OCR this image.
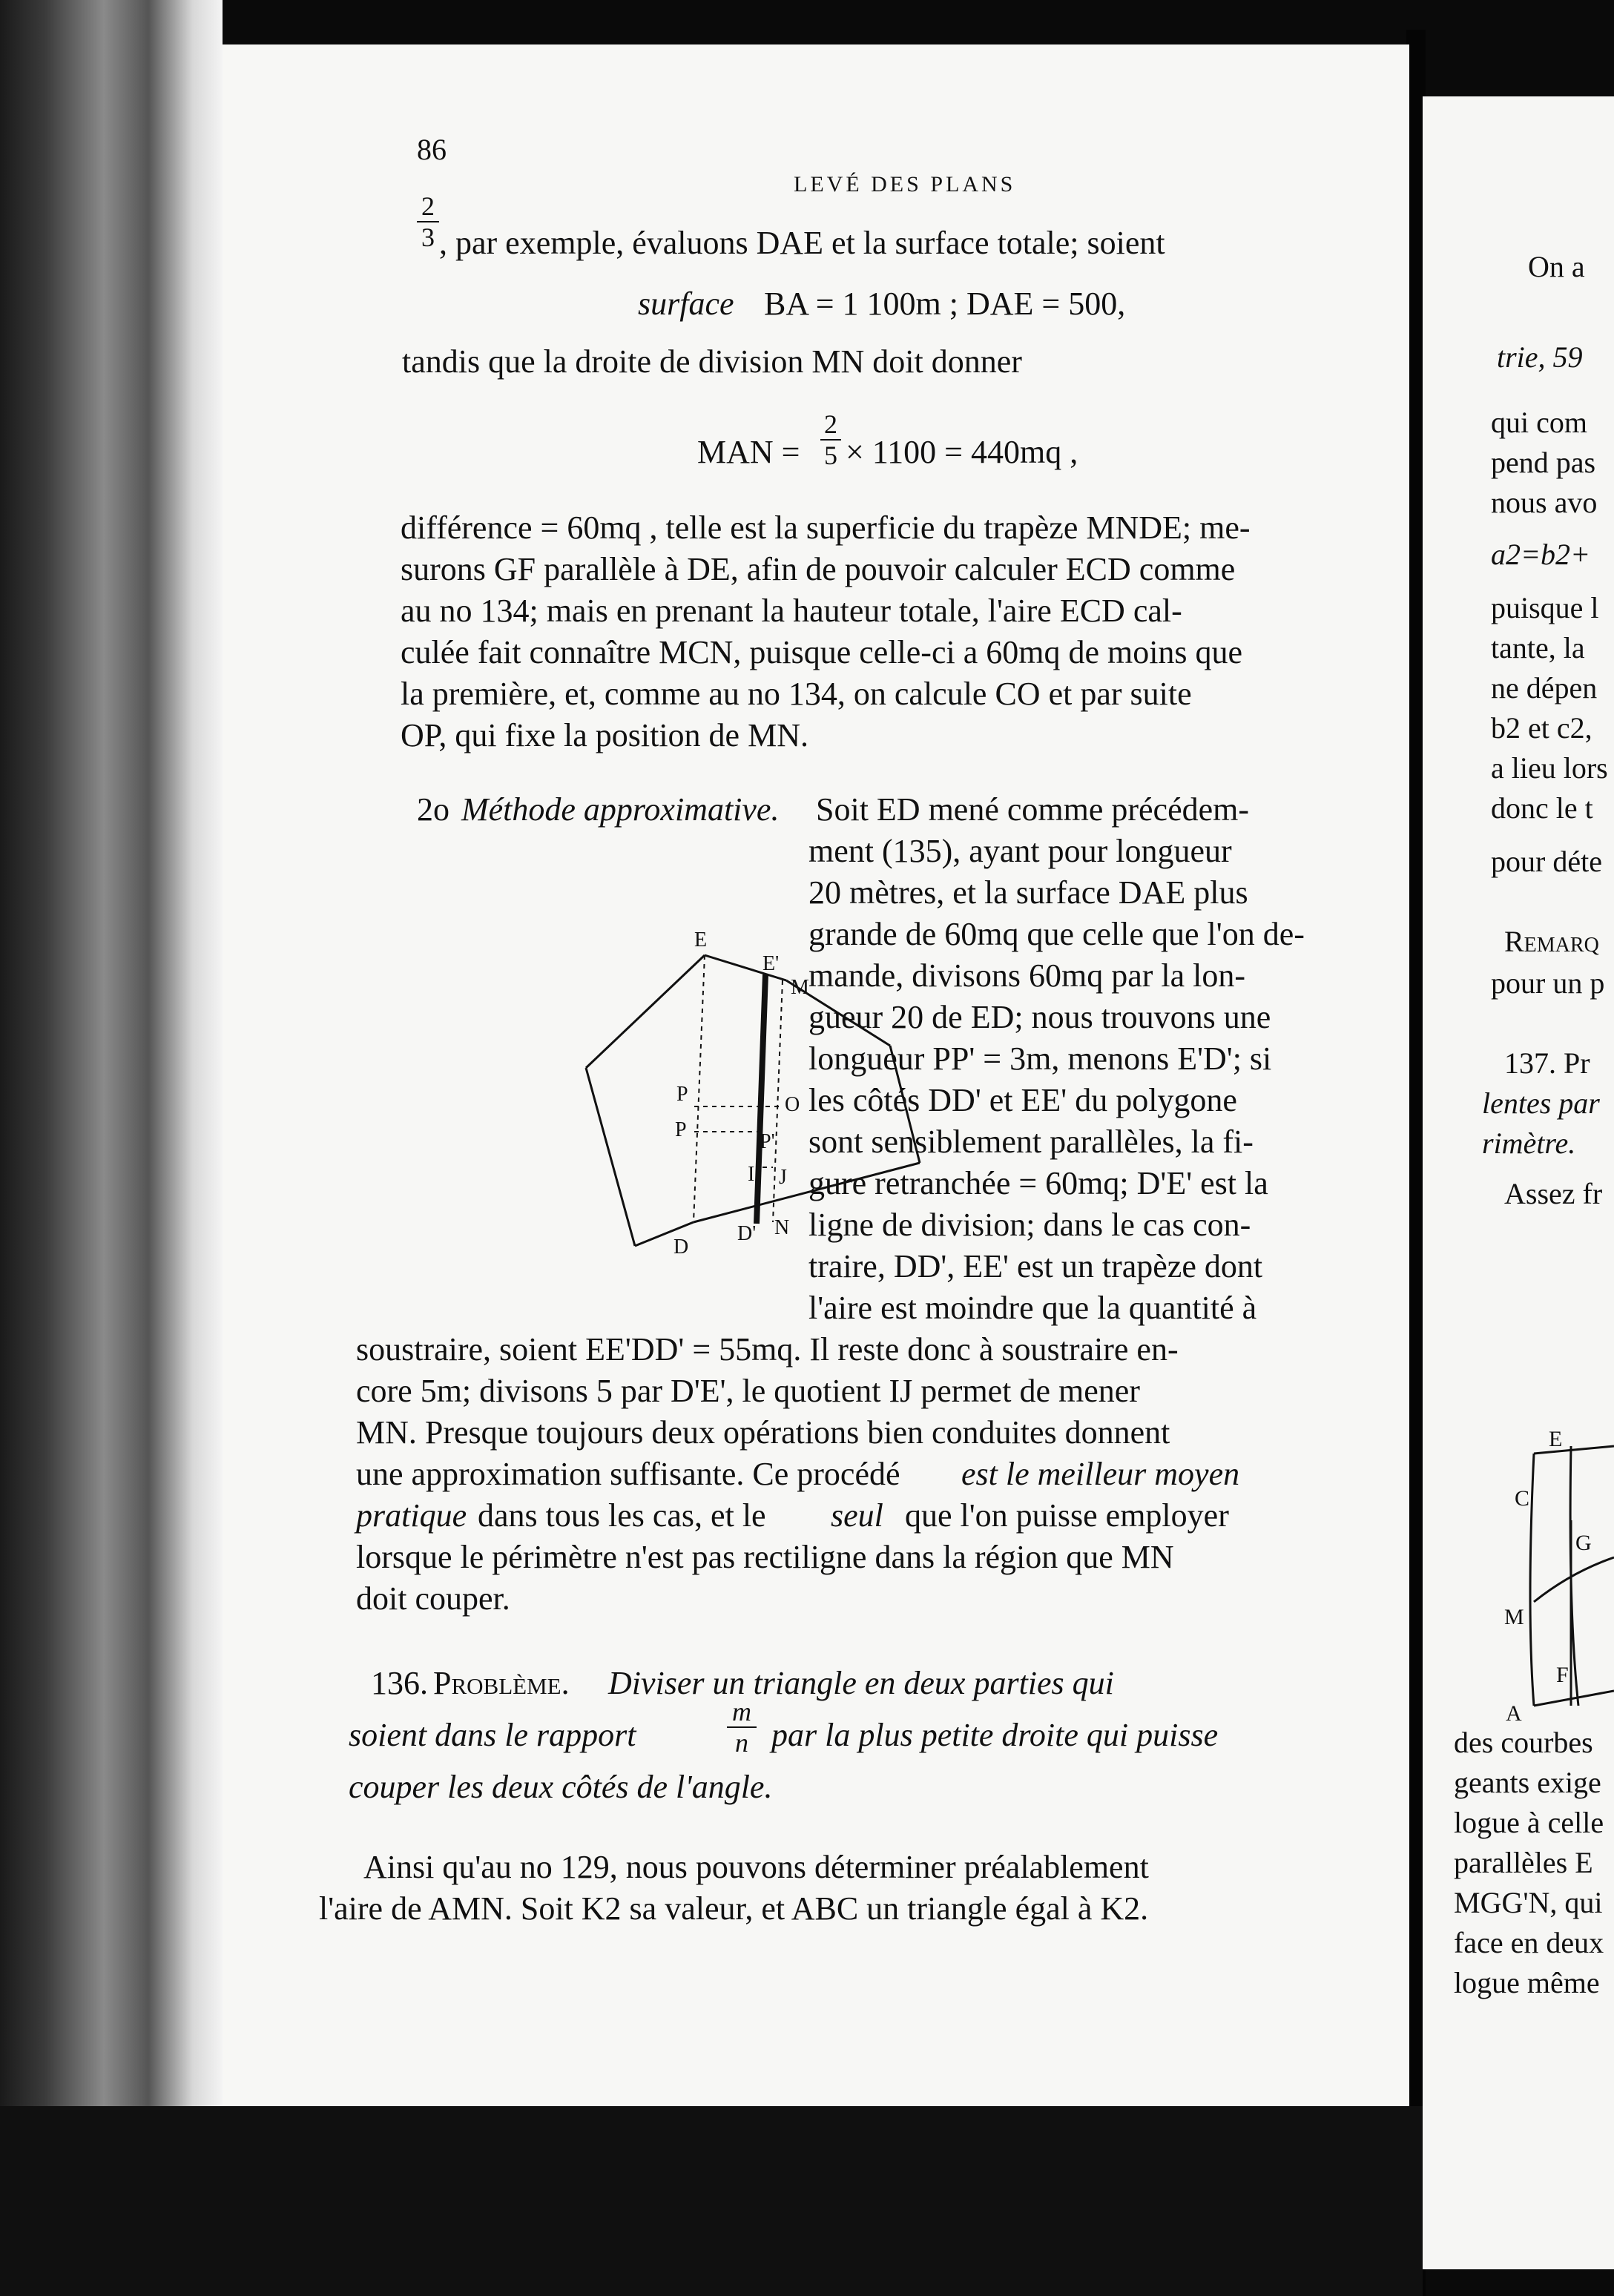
86
LEVÉ DES PLANS
2
3 , par exemple, évaluons DAE et la surface totale; soient
surface BA = 1 100m ; DAE = 500,
tandis que la droite de division MN doit donner
MAN =
2
5 × 1100 = 440mq ,
différence = 60mq , telle est la superficie du trapèze MNDE; me-
surons GF parallèle à DE, afin de pouvoir calculer ECD comme
au no 134; mais en prenant la hauteur totale, l'aire ECD cal-
culée fait connaître MCN, puisque celle-ci a 60mq de moins que
la première, et, comme au no 134, on calcule CO et par suite
OP, qui fixe la position de MN.
2o Méthode approximative. Soit ED mené comme précédem-
ment (135), ayant pour longueur
20 mètres, et la surface DAE plus
grande de 60mq que celle que l'on de-
mande, divisons 60mq par la lon-
gueur 20 de ED; nous trouvons une
longueur PP' = 3m, menons E'D'; si
les côtés DD' et EE' du polygone
sont sensiblement parallèles, la fi-
gure retranchée = 60mq; D'E' est la
ligne de division; dans le cas con-
traire, DD', EE' est un trapèze dont
l'aire est moindre que la quantité à
E
E'
M
P	O
P
P'
I J
D' N
D
soustraire, soient EE'DD' = 55mq. Il reste donc à soustraire en-
core 5m; divisons 5 par D'E', le quotient IJ permet de mener
MN. Presque toujours deux opérations bien conduites donnent
une approximation suffisante. Ce procédé est le meilleur moyen
pratique dans tous les cas, et le seul que l'on puisse employer
lorsque le périmètre n'est pas rectiligne dans la région que MN
doit couper.
136. Problème. Diviser un triangle en deux parties qui
soient dans le rapport
m
n par la plus petite droite qui puisse
couper les deux côtés de l'angle.
Ainsi qu'au no 129, nous pouvons déterminer préalablement
l'aire de AMN. Soit K2 sa valeur, et ABC un triangle égal à K2.
On a
trie, 59
qui com
pend pas
nous avo
a2=b2+
puisque l
tante, la
ne dépen
b2 et c2,
a lieu lors
donc le t
pour déte
Remarq
pour un p
137. Pr
lentes par
rimètre.
Assez fr
E
C
G
M
F
A
des courbes
geants exige
logue à celle
parallèles E
MGG'N, qui
face en deux
logue même
